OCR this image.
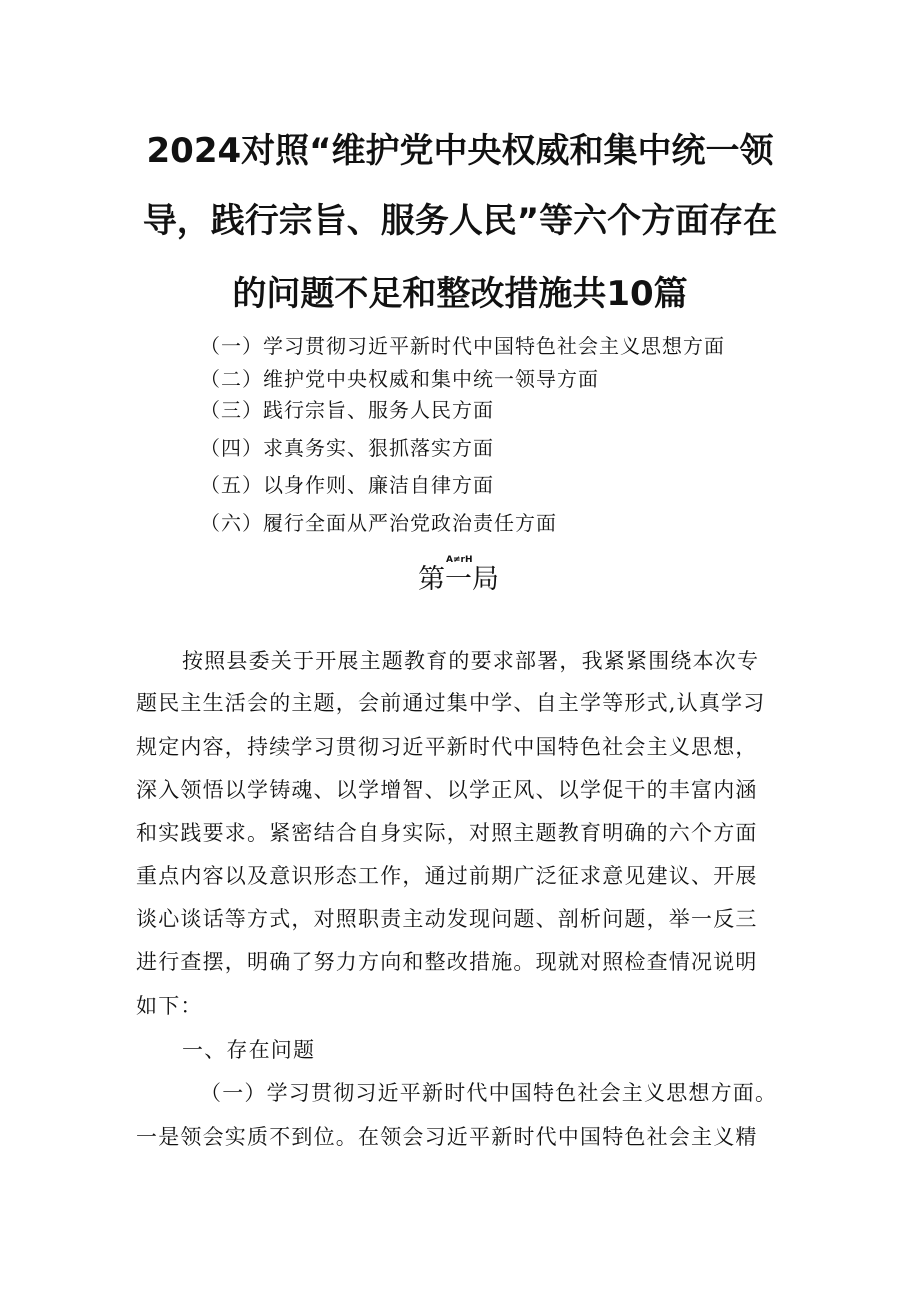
2024对照“维护党中央权威和集中统一领
导，践行宗旨、服务人民”等六个方面存在
的问题不足和整改措施共10篇
（一）学习贯彻习近平新时代中国特色社会主义思想方面
（二）维护党中央权威和集中统一领导方面
（三）践行宗旨、服务人民方面
（四）求真务实、狠抓落实方面
（五）以身作则、廉洁自律方面
（六）履行全面从严治党政治责任方面
A≠rH
第一局
按照县委关于开展主题教育的要求部署，我紧紧围绕本次专
题民主生活会的主题，会前通过集中学、自主学等形式,认真学习
规定内容，持续学习贯彻习近平新时代中国特色社会主义思想，
深入领悟以学铸魂、以学增智、以学正风、以学促干的丰富内涵
和实践要求。紧密结合自身实际，对照主题教育明确的六个方面
重点内容以及意识形态工作，通过前期广泛征求意见建议、开展
谈心谈话等方式，对照职责主动发现问题、剖析问题，举一反三
进行查摆，明确了努力方向和整改措施。现就对照检查情况说明
如下：
一、存在问题
（一）学习贯彻习近平新时代中国特色社会主义思想方面。
一是领会实质不到位。在领会习近平新时代中国特色社会主义精
